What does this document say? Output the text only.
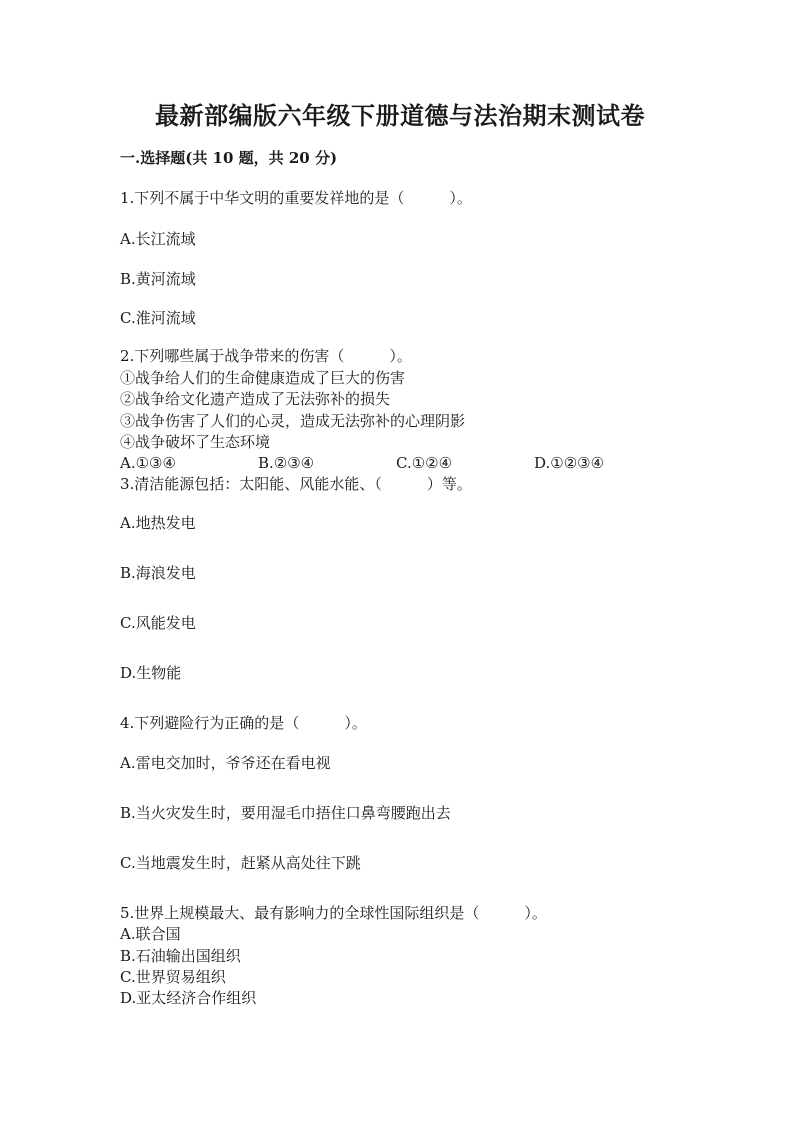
最新部编版六年级下册道德与法治期末测试卷
一.选择题(共 10 题，共 20 分)
1.下列不属于中华文明的重要发祥地的是（　　　）。
A.长江流域
B.黄河流域
C.淮河流域
2.下列哪些属于战争带来的伤害（　　　）。
①战争给人们的生命健康造成了巨大的伤害
②战争给文化遗产造成了无法弥补的损失
③战争伤害了人们的心灵，造成无法弥补的心理阴影
④战争破坏了生态环境
A.①③④	B.②③④	C.①②④	D.①②③④
3.清洁能源包括：太阳能、风能水能、（　　　）等。
A.地热发电
B.海浪发电
C.风能发电
D.生物能
4.下列避险行为正确的是（　　　）。
A.雷电交加时，爷爷还在看电视
B.当火灾发生时，要用湿毛巾捂住口鼻弯腰跑出去
C.当地震发生时，赶紧从高处往下跳
5.世界上规模最大、最有影响力的全球性国际组织是（　　　）。
A.联合国
B.石油输出国组织
C.世界贸易组织
D.亚太经济合作组织
